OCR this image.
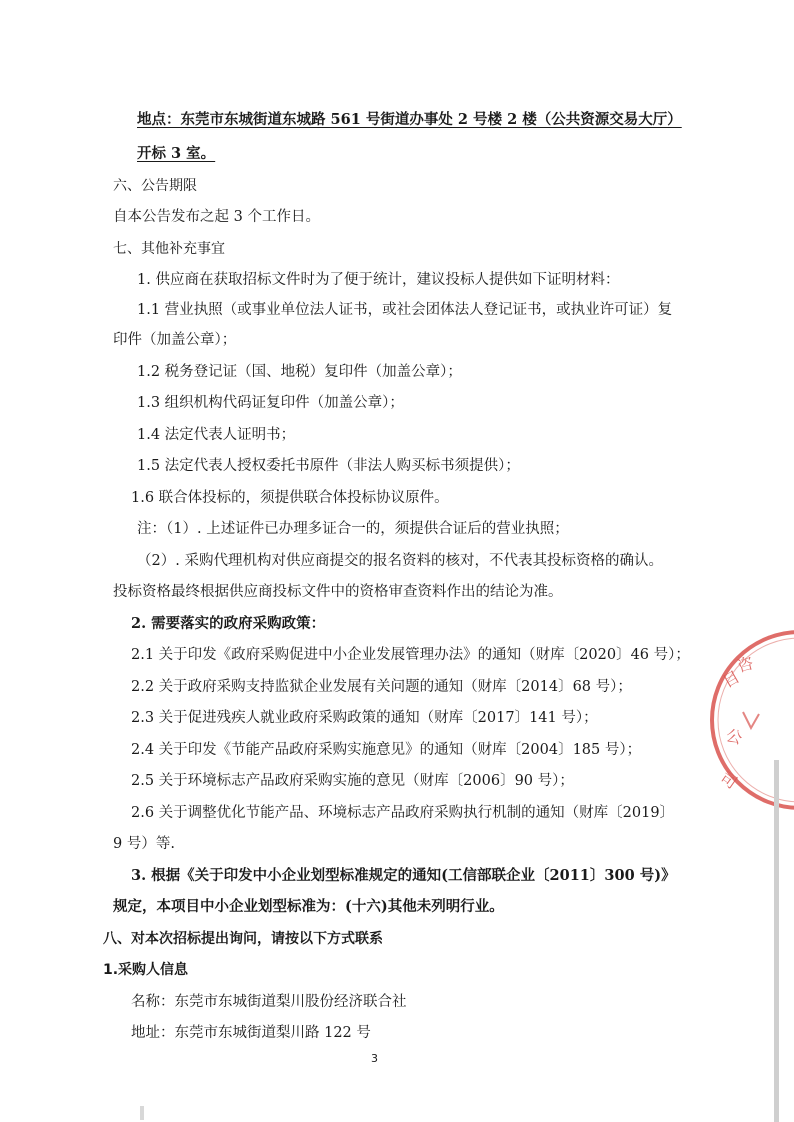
地点：东莞市东城街道东城路 561 号街道办事处 2 号楼 2 楼（公共资源交易大厅）
开标 3 室。
六、公告期限
自本公告发布之起 3 个工作日。
七、其他补充事宜
1. 供应商在获取招标文件时为了便于统计，建议投标人提供如下证明材料：
1.1 营业执照（或事业单位法人证书，或社会团体法人登记证书，或执业许可证）复
印件（加盖公章）；
1.2 税务登记证（国、地税）复印件（加盖公章）；
1.3 组织机构代码证复印件（加盖公章）；
1.4 法定代表人证明书；
1.5 法定代表人授权委托书原件（非法人购买标书须提供）；
1.6 联合体投标的，须提供联合体投标协议原件。
注：（1）. 上述证件已办理多证合一的，须提供合证后的营业执照；
（2）. 采购代理机构对供应商提交的报名资料的核对，不代表其投标资格的确认。
投标资格最终根据供应商投标文件中的资格审查资料作出的结论为准。
2. 需要落实的政府采购政策：
2.1 关于印发《政府采购促进中小企业发展管理办法》的通知（财库〔2020〕46 号）；
2.2 关于政府采购支持监狱企业发展有关问题的通知（财库〔2014〕68 号）；
2.3 关于促进残疾人就业政府采购政策的通知（财库〔2017〕141 号）；
2.4 关于印发《节能产品政府采购实施意见》的通知（财库〔2004〕185 号）；
2.5 关于环境标志产品政府采购实施的意见（财库〔2006〕90 号）；
2.6 关于调整优化节能产品、环境标志产品政府采购执行机制的通知（财库〔2019〕
9 号）等.
3. 根据《关于印发中小企业划型标准规定的通知(工信部联企业〔2011〕300 号)》
规定，本项目中小企业划型标准为：(十六)其他未列明行业。
八、对本次招标提出询问，请按以下方式联系
1.采购人信息
名称：东莞市东城街道梨川股份经济联合社
地址：东莞市东城街道梨川路 122 号
3
目
咨
公
司
